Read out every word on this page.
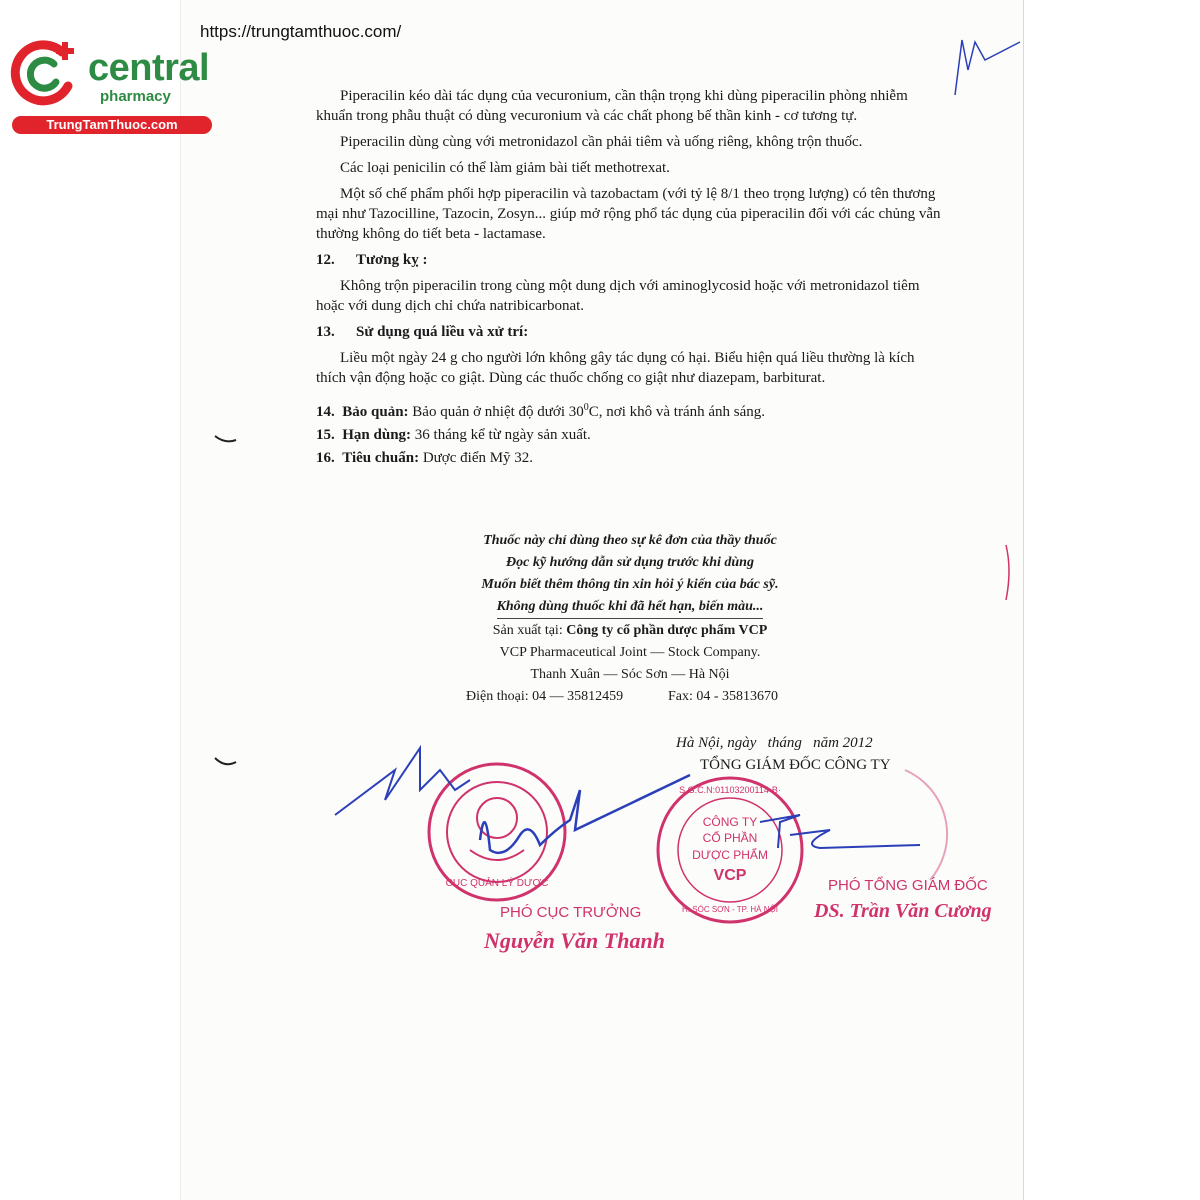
https://trungtamthuoc.com/
central
pharmacy
TrungTamThuoc.com

Piperacilin kéo dài tác dụng của vecuronium, cần thận trọng khi dùng piperacilin phòng nhiễm khuẩn trong phẫu thuật có dùng vecuronium và các chất phong bế thần kinh - cơ tương tự.

Piperacilin dùng cùng với metronidazol cần phải tiêm và uống riêng, không trộn thuốc.

Các loại penicilin có thể làm giảm bài tiết methotrexat.

Một số chế phẩm phối hợp piperacilin và tazobactam (với tỷ lệ 8/1 theo trọng lượng) có tên thương mại như Tazocilline, Tazocin, Zosyn... giúp mở rộng phổ tác dụng của piperacilin đối với các chủng vẫn thường không do tiết beta - lactamase.

12. Tương kỵ :

Không trộn piperacilin trong cùng một dung dịch với aminoglycosid hoặc với metronidazol tiêm hoặc với dung dịch chỉ chứa natribicarbonat.

13. Sử dụng quá liều và xử trí:

Liều một ngày 24 g cho người lớn không gây tác dụng có hại. Biểu hiện quá liều thường là kích thích vận động hoặc co giật. Dùng các thuốc chống co giật như diazepam, barbiturat.

14. Bảo quản: Bảo quản ở nhiệt độ dưới $30^0C$, nơi khô và tránh ánh sáng.
15. Hạn dùng: 36 tháng kể từ ngày sản xuất.
16. Tiêu chuẩn: Dược điển Mỹ 32.
Thuốc này chỉ dùng theo sự kê đơn của thầy thuốc
Đọc kỹ hướng dẫn sử dụng trước khi dùng
Muốn biết thêm thông tin xin hỏi ý kiến của bác sỹ.
Không dùng thuốc khi đã hết hạn, biến màu...
Sản xuất tại: Công ty cổ phần dược phẩm VCP
VCP Pharmaceutical Joint — Stock Company.
Thanh Xuân — Sóc Sơn — Hà Nội
Điện thoại: 04 — 35812459	Fax: 04 - 35813670
Hà Nội, ngày tháng năm 2012
TỔNG GIÁM ĐỐC CÔNG TY
CỤC QUẢN LÝ DƯỢC
S.G.C.N:01103200114·B·
CÔNG TY
CỔ PHẦN
DƯỢC PHẨM
VCP
H. SÓC SƠN - TP. HÀ NỘI
PHÓ CỤC TRƯỞNG
Nguyễn Văn Thanh
PHÓ TỔNG GIÁM ĐỐC
DS. Trần Văn Cương
